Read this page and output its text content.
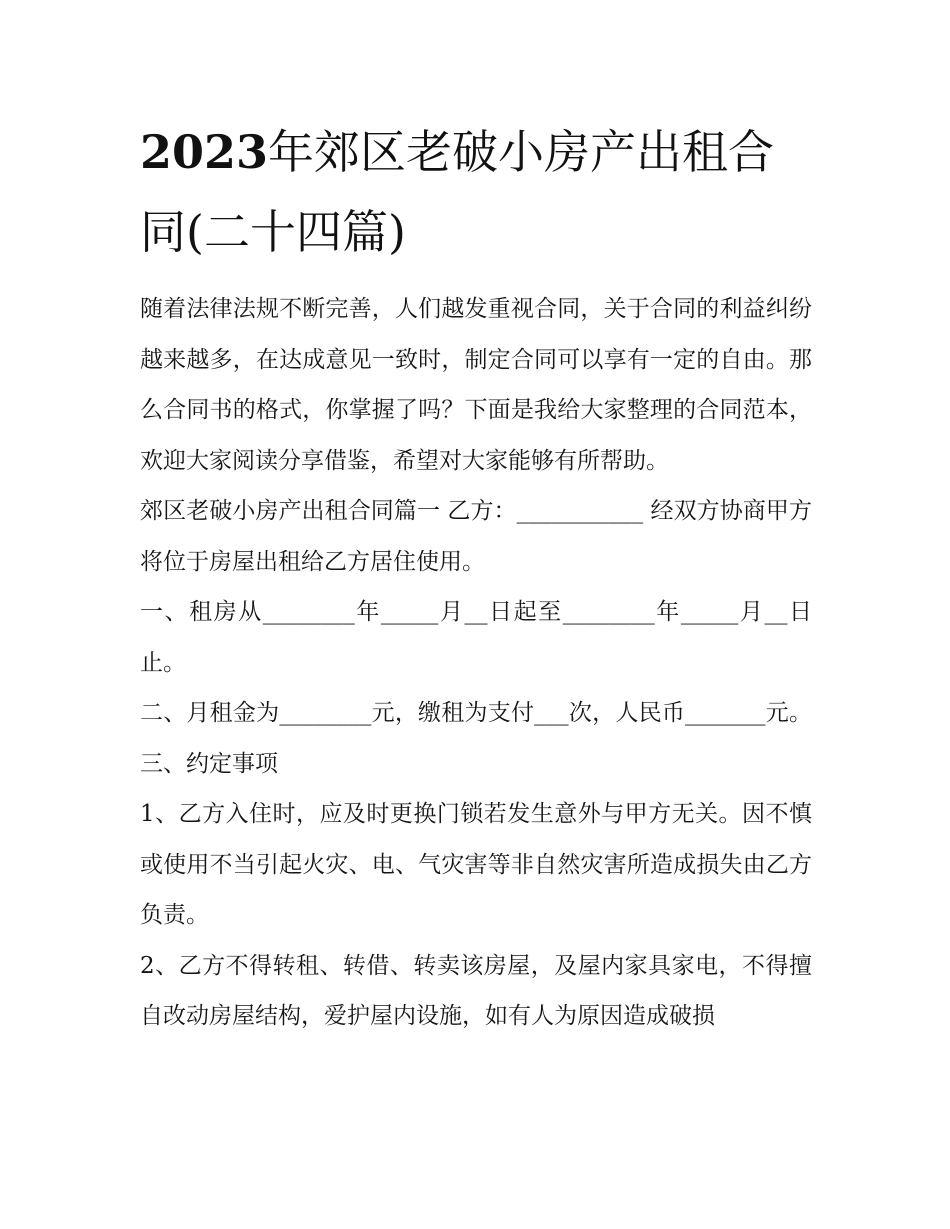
2023年郊区老破小房产出租合同(二十四篇)

随着法律法规不断完善，人们越发重视合同，关于合同的利益纠纷越来越多，在达成意见一致时，制定合同可以享有一定的自由。那么合同书的格式，你掌握了吗？下面是我给大家整理的合同范本，欢迎大家阅读分享借鉴，希望对大家能够有所帮助。

郊区老破小房产出租合同篇一 乙方：___________ 经双方协商甲方将位于房屋出租给乙方居住使用。

一、租房从________年_____月__日起至________年_____月__日止。

二、月租金为________元，缴租为支付___次，人民币_______元。 三、约定事项

1、乙方入住时，应及时更换门锁若发生意外与甲方无关。因不慎或使用不当引起火灾、电、气灾害等非自然灾害所造成损失由乙方负责。

2、乙方不得转租、转借、转卖该房屋，及屋内家具家电，不得擅自改动房屋结构，爱护屋内设施，如有人为原因造成破损
